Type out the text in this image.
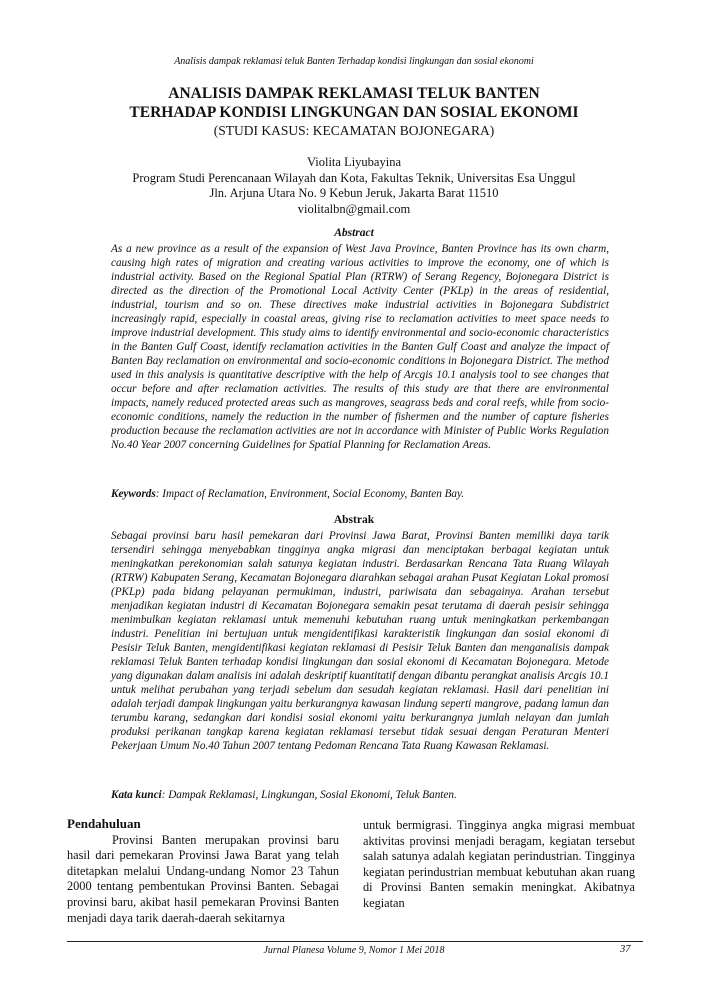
Analisis dampak reklamasi teluk Banten Terhadap kondisi lingkungan dan sosial ekonomi

ANALISIS DAMPAK REKLAMASI TELUK BANTEN

TERHADAP KONDISI LINGKUNGAN DAN SOSIAL EKONOMI

(STUDI KASUS: KECAMATAN BOJONEGARA)

Violita Liyubayina
Program Studi Perencanaan Wilayah dan Kota, Fakultas Teknik, Universitas Esa Unggul
Jln. Arjuna Utara No. 9 Kebun Jeruk, Jakarta Barat 11510
violitalbn@gmail.com
Abstract

As a new province as a result of the expansion of West Java Province, Banten Province has its own charm, causing high rates of migration and creating various activities to improve the economy, one of which is industrial activity. Based on the Regional Spatial Plan (RTRW) of Serang Regency, Bojonegara District is directed as the direction of the Promotional Local Activity Center (PKLp) in the areas of residential, industrial, tourism and so on. These directives make industrial activities in Bojonegara Subdistrict increasingly rapid, especially in coastal areas, giving rise to reclamation activities to meet space needs to improve industrial development. This study aims to identify environmental and socio-economic characteristics in the Banten Gulf Coast, identify reclamation activities in the Banten Gulf Coast and analyze the impact of Banten Bay reclamation on environmental and socio-economic conditions in Bojonegara District. The method used in this analysis is quantitative descriptive with the help of Arcgis 10.1 analysis tool to see changes that occur before and after reclamation activities. The results of this study are that there are environmental impacts, namely reduced protected areas such as mangroves, seagrass beds and coral reefs, while from socio-economic conditions, namely the reduction in the number of fishermen and the number of capture fisheries production because the reclamation activities are not in accordance with Minister of Public Works Regulation No.40 Year 2007 concerning Guidelines for Spatial Planning for Reclamation Areas.

Keywords: Impact of Reclamation, Environment, Social Economy, Banten Bay.
Abstrak

Sebagai provinsi baru hasil pemekaran dari Provinsi Jawa Barat, Provinsi Banten memiliki daya tarik tersendiri sehingga menyebabkan tingginya angka migrasi dan menciptakan berbagai kegiatan untuk meningkatkan perekonomian salah satunya kegiatan industri. Berdasarkan Rencana Tata Ruang Wilayah (RTRW) Kabupaten Serang, Kecamatan Bojonegara diarahkan sebagai arahan Pusat Kegiatan Lokal promosi (PKLp) pada bidang pelayanan permukiman, industri, pariwisata dan sebagainya. Arahan tersebut menjadikan kegiatan industri di Kecamatan Bojonegara semakin pesat terutama di daerah pesisir sehingga menimbulkan kegiatan reklamasi untuk memenuhi kebutuhan ruang untuk meningkatkan perkembangan industri. Penelitian ini bertujuan untuk mengidentifikasi karakteristik lingkungan dan sosial ekonomi di Pesisir Teluk Banten, mengidentifikasi kegiatan reklamasi di Pesisir Teluk Banten dan menganalisis dampak reklamasi Teluk Banten terhadap kondisi lingkungan dan sosial ekonomi di Kecamatan Bojonegara. Metode yang digunakan dalam analisis ini adalah deskriptif kuantitatif dengan dibantu perangkat analisis Arcgis 10.1 untuk melihat perubahan yang terjadi sebelum dan sesudah kegiatan reklamasi. Hasil dari penelitian ini adalah terjadi dampak lingkungan yaitu berkurangnya kawasan lindung seperti mangrove, padang lamun dan terumbu karang, sedangkan dari kondisi sosial ekonomi yaitu berkurangnya jumlah nelayan dan jumlah produksi perikanan tangkap karena kegiatan reklamasi tersebut tidak sesuai dengan Peraturan Menteri Pekerjaan Umum No.40 Tahun 2007 tentang Pedoman Rencana Tata Ruang Kawasan Reklamasi.

Kata kunci: Dampak Reklamasi, Lingkungan, Sosial Ekonomi, Teluk Banten.

Pendahuluan

Provinsi Banten merupakan provinsi baru hasil dari pemekaran Provinsi Jawa Barat yang telah ditetapkan melalui Undang-undang Nomor 23 Tahun 2000 tentang pembentukan Provinsi Banten. Sebagai provinsi baru, akibat hasil pemekaran Provinsi Banten menjadi daya tarik daerah-daerah sekitarnya

untuk bermigrasi. Tingginya angka migrasi membuat aktivitas provinsi menjadi beragam, kegiatan tersebut salah satunya adalah kegiatan perindustrian. Tingginya kegiatan perindustrian membuat kebutuhan akan ruang di Provinsi Banten semakin meningkat. Akibatnya kegiatan

Jurnal Planesa Volume 9, Nomor 1 Mei 2018	37
